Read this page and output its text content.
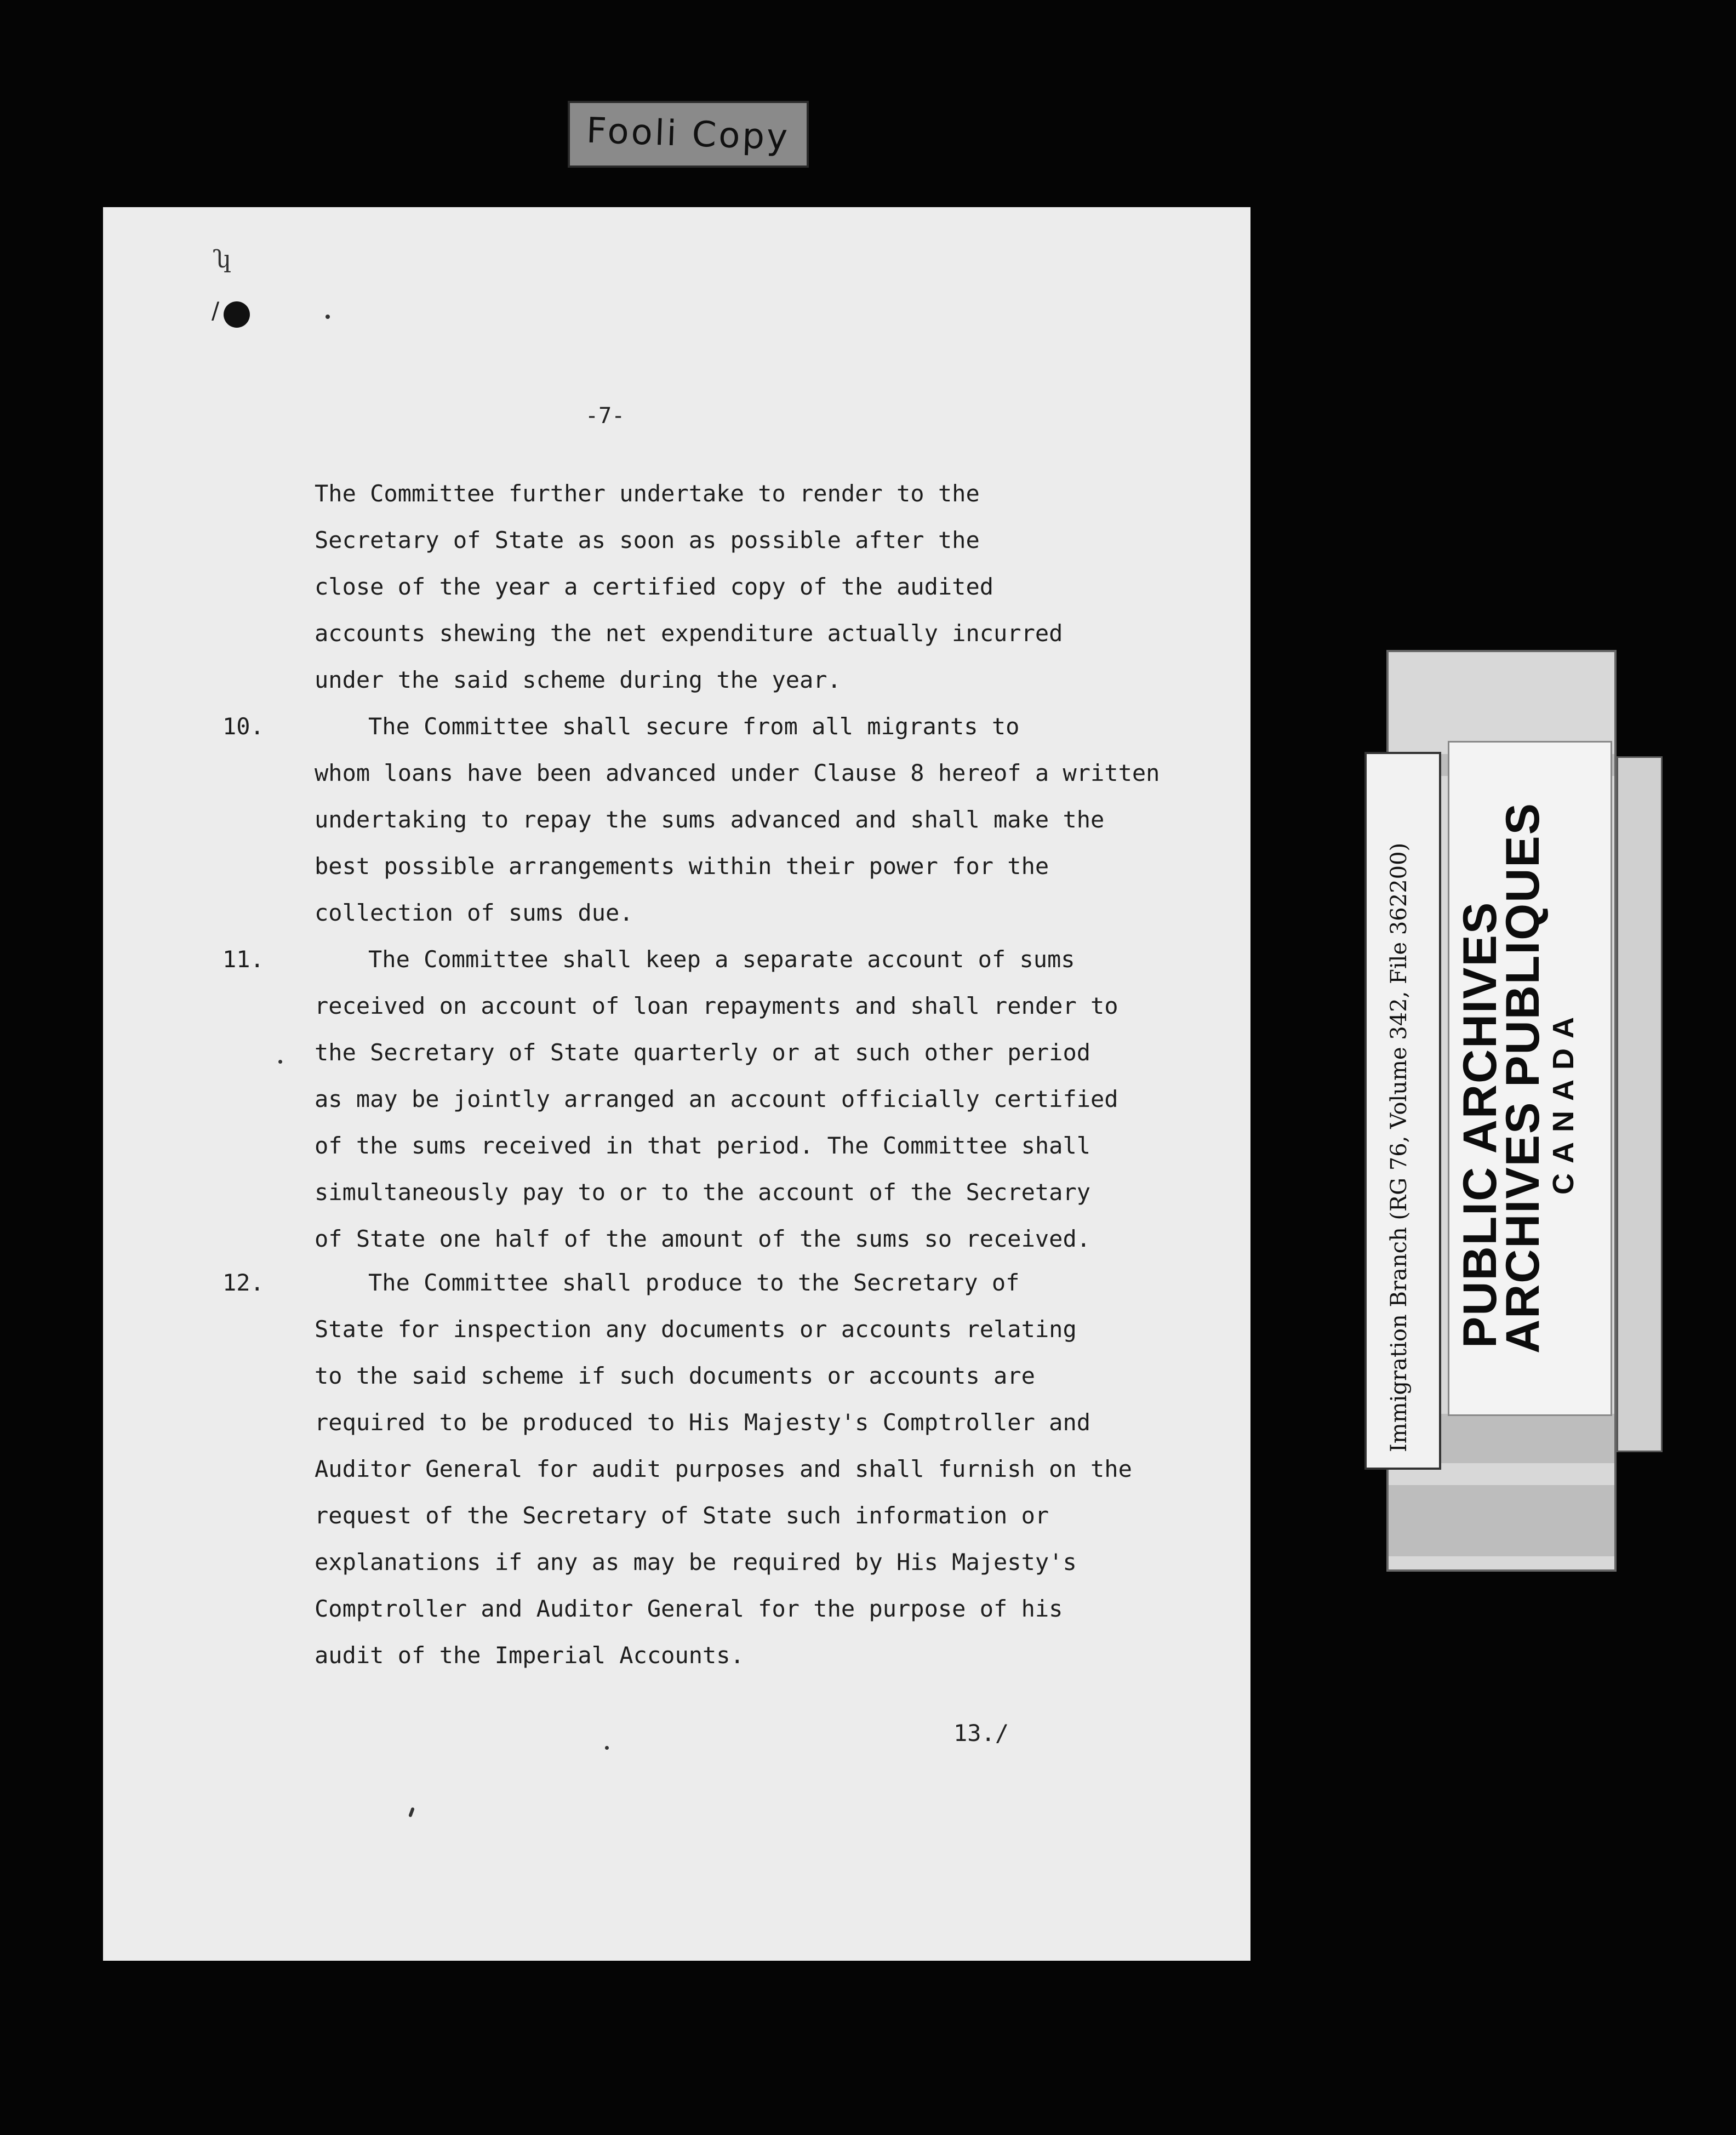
Fooli Copy
ʮ
/
-7-
The Committee further undertake to render to the
Secretary of State as soon as possible after the
close of the year a certified copy of the audited
accounts shewing the net expenditure actually incurred
under the said scheme during the year.
10.	The Committee shall secure from all migrants to
whom loans have been advanced under Clause 8 hereof a written
undertaking to repay the sums advanced and shall make the
best possible arrangements within their power for the
collection of sums due.
11.	The Committee shall keep a separate account of sums
received on account of loan repayments and shall render to
the Secretary of State quarterly or at such other period
as may be jointly arranged an account officially certified
of the sums received in that period. The Committee shall
simultaneously pay to or to the account of the Secretary
of State one half of the amount of the sums so received.
12.	The Committee shall produce to the Secretary of
State for inspection any documents or accounts relating
to the said scheme if such documents or accounts are
required to be produced to His Majesty's Comptroller and
Auditor General for audit purposes and shall furnish on the
request of the Secretary of State such information or
explanations if any as may be required by His Majesty's
Comptroller and Auditor General for the purpose of his
audit of the Imperial Accounts.
13./
Immigration Branch (RG 76, Volume 342, File 362200) PUBLIC ARCHIVES
ARCHIVES PUBLIQUES
CANADA
